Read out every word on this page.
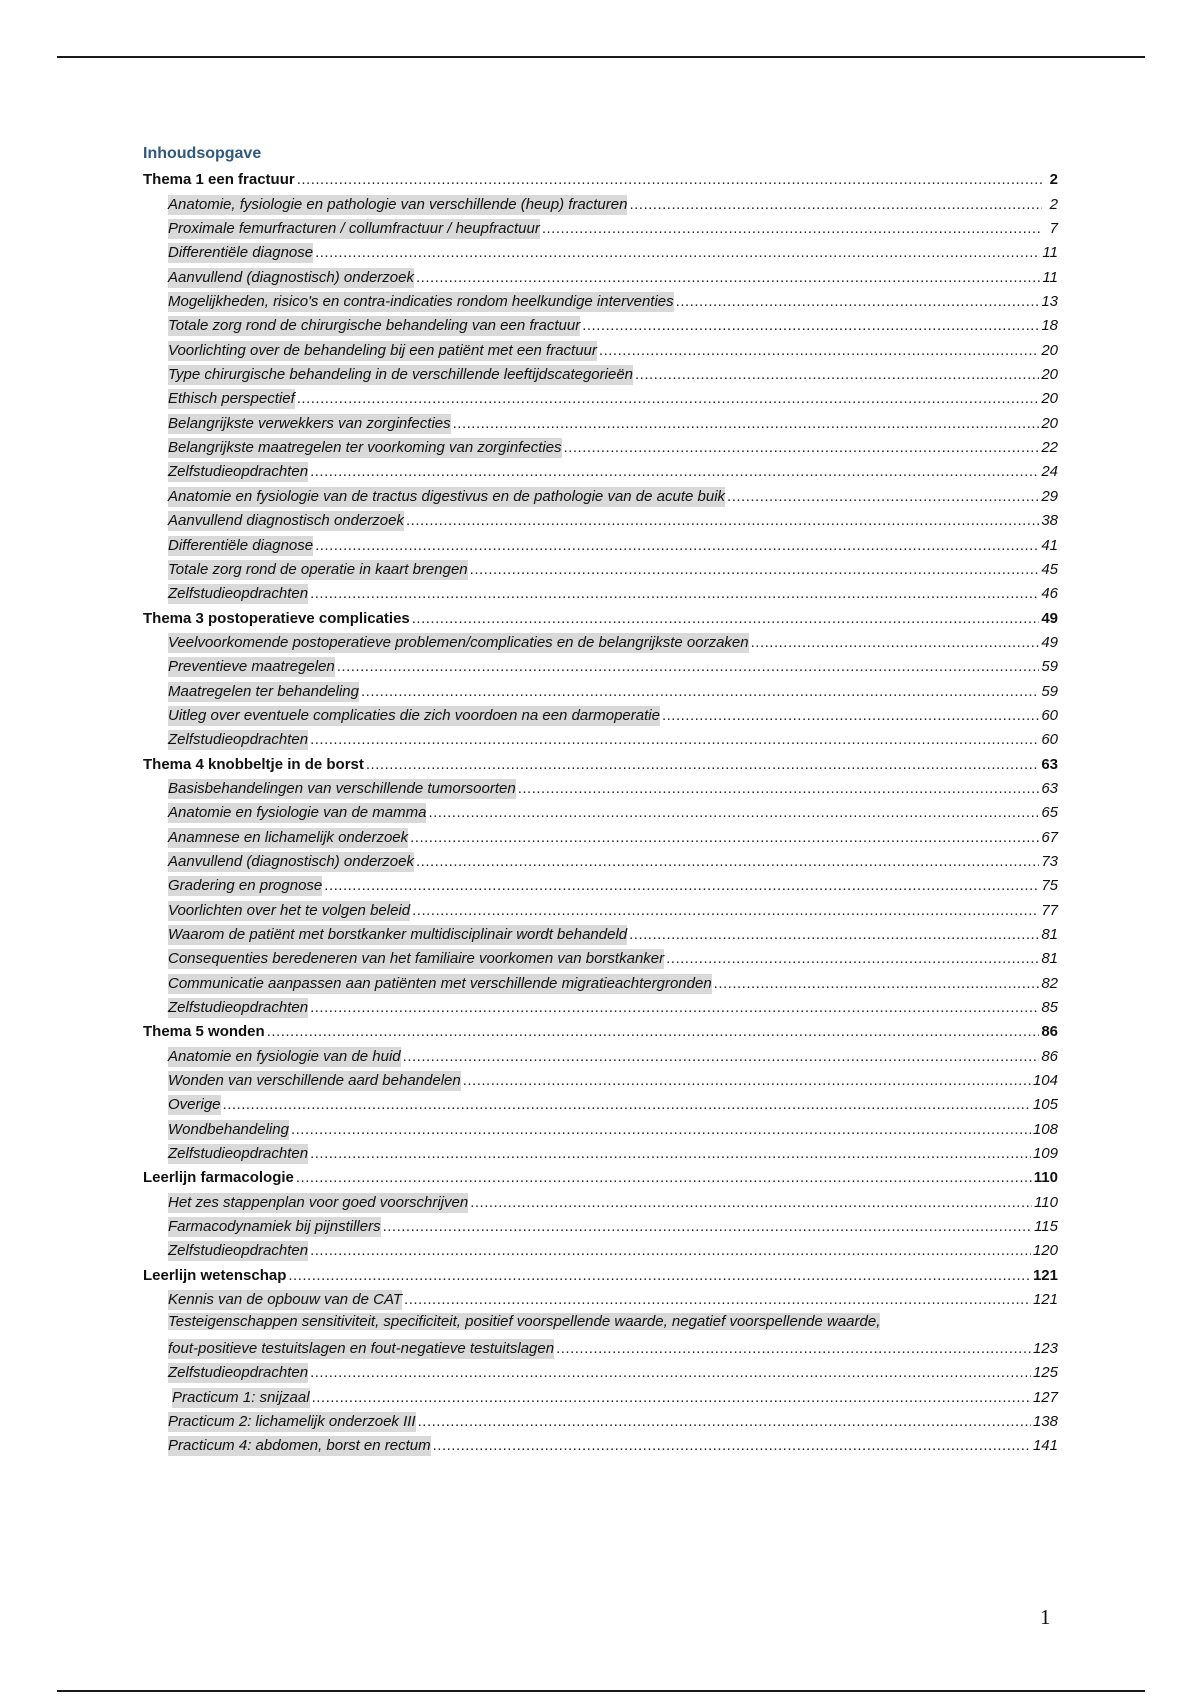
Inhoudsopgave
Thema 1 een fractuur .....	2
Anatomie, fysiologie en pathologie van verschillende (heup) fracturen .....	2
Proximale femurfracturen / collumfractuur / heupfractuur .....	7
Differentiële diagnose .....	11
Aanvullend (diagnostisch) onderzoek .....	11
Mogelijkheden, risico's en contra-indicaties rondom heelkundige interventies .....	13
Totale zorg rond de chirurgische behandeling van een fractuur .....	18
Voorlichting over de behandeling bij een patiënt met een fractuur .....	20
Type chirurgische behandeling in de verschillende leeftijdscategorieën .....	20
Ethisch perspectief .....	20
Belangrijkste verwekkers van zorginfecties .....	20
Belangrijkste maatregelen ter voorkoming van zorginfecties .....	22
Zelfstudieopdrachten .....	24
Anatomie en fysiologie van de tractus digestivus en de pathologie van de acute buik .....	29
Aanvullend diagnostisch onderzoek .....	38
Differentiële diagnose .....	41
Totale zorg rond de operatie in kaart brengen .....	45
Zelfstudieopdrachten .....	46
Thema 3 postoperatieve complicaties .....	49
Veelvoorkomende postoperatieve problemen/complicaties en de belangrijkste oorzaken .....	49
Preventieve maatregelen .....	59
Maatregelen ter behandeling .....	59
Uitleg over eventuele complicaties die zich voordoen na een darmoperatie .....	60
Zelfstudieopdrachten .....	60
Thema 4 knobbeltje in de borst .....	63
Basisbehandelingen van verschillende tumorsoorten .....	63
Anatomie en fysiologie van de mamma .....	65
Anamnese en lichamelijk onderzoek .....	67
Aanvullend (diagnostisch) onderzoek .....	73
Gradering en prognose .....	75
Voorlichten over het te volgen beleid .....	77
Waarom de patiënt met borstkanker multidisciplinair wordt behandeld .....	81
Consequenties beredeneren van het familiaire voorkomen van borstkanker .....	81
Communicatie aanpassen aan patiënten met verschillende migratieachtergronden .....	82
Zelfstudieopdrachten .....	85
Thema 5 wonden .....	86
Anatomie en fysiologie van de huid .....	86
Wonden van verschillende aard behandelen .....	104
Overige .....	105
Wondbehandeling .....	108
Zelfstudieopdrachten .....	109
Leerlijn farmacologie .....	110
Het zes stappenplan voor goed voorschrijven .....	110
Farmacodynamiek bij pijnstillers .....	115
Zelfstudieopdrachten .....	120
Leerlijn wetenschap .....	121
Kennis van de opbouw van de CAT .....	121
Testeigenschappen sensitiviteit, specificiteit, positief voorspellende waarde, negatief voorspellende waarde,
fout-positieve testuitslagen en fout-negatieve testuitslagen .....	123
Zelfstudieopdrachten .....	125
Practicum 1: snijzaal .....	127
Practicum 2: lichamelijk onderzoek III .....	138
Practicum 4: abdomen, borst en rectum .....	141
1
